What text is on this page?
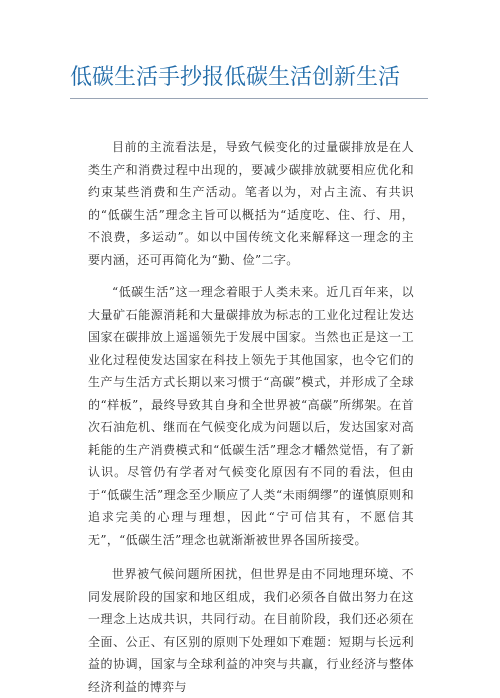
低碳生活手抄报低碳生活创新生活

目前的主流看法是，导致气候变化的过量碳排放是在人类生产和消费过程中出现的，要减少碳排放就要相应优化和约束某些消费和生产活动。笔者以为，对占主流、有共识的“低碳生活”理念主旨可以概括为“适度吃、住、行、用，不浪费，多运动”。如以中国传统文化来解释这一理念的主要内涵，还可再简化为“勤、俭”二字。

“低碳生活”这一理念着眼于人类未来。近几百年来，以大量矿石能源消耗和大量碳排放为标志的工业化过程让发达国家在碳排放上遥遥领先于发展中国家。当然也正是这一工业化过程使发达国家在科技上领先于其他国家，也令它们的生产与生活方式长期以来习惯于“高碳”模式，并形成了全球的“样板”，最终导致其自身和全世界被“高碳”所绑架。在首次石油危机、继而在气候变化成为问题以后，发达国家对高耗能的生产消费模式和“低碳生活”理念才幡然觉悟，有了新认识。尽管仍有学者对气候变化原因有不同的看法，但由于“低碳生活”理念至少顺应了人类“未雨绸缪”的谨慎原则和追求完美的心理与理想，因此“宁可信其有，不愿信其无”，“低碳生活”理念也就渐渐被世界各国所接受。

世界被气候问题所困扰，但世界是由不同地理环境、不同发展阶段的国家和地区组成，我们必须各自做出努力在这一理念上达成共识，共同行动。在目前阶段，我们还必须在全面、公正、有区别的原则下处理如下难题：短期与长远利益的协调，国家与全球利益的冲突与共赢，行业经济与整体经济利益的博弈与
